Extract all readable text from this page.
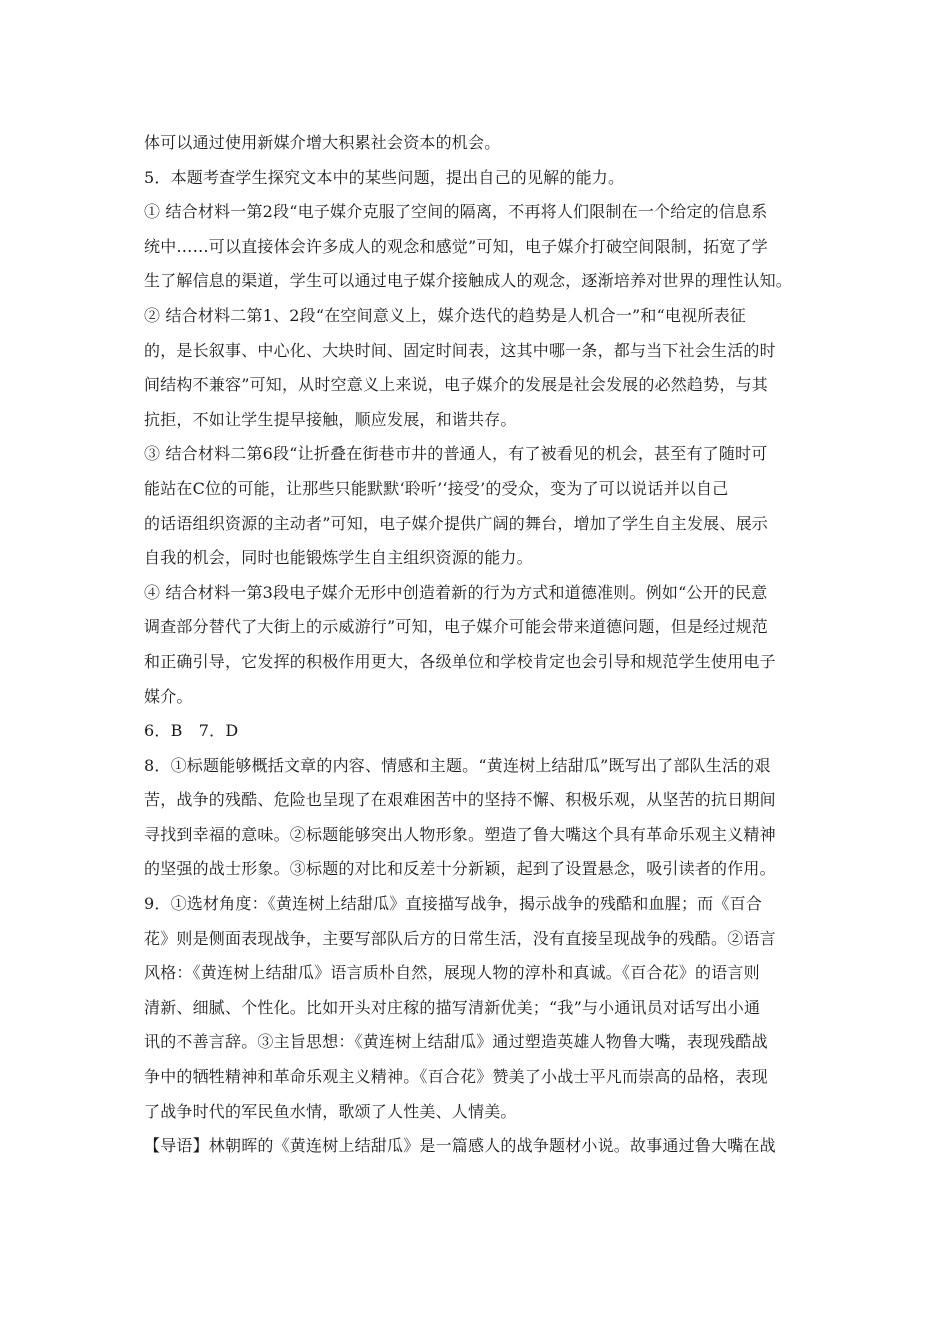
体可以通过使用新媒介增大积累社会资本的机会。
5．本题考查学生探究文本中的某些问题，提出自己的见解的能力。
① 结合材料一第2段“电子媒介克服了空间的隔离，不再将人们限制在一个给定的信息系
统中……可以直接体会许多成人的观念和感觉”可知，电子媒介打破空间限制，拓宽了学
生了解信息的渠道，学生可以通过电子媒介接触成人的观念，逐渐培养对世界的理性认知。
② 结合材料二第1、2段“在空间意义上，媒介迭代的趋势是人机合一”和“电视所表征
的，是长叙事、中心化、大块时间、固定时间表，这其中哪一条，都与当下社会生活的时
间结构不兼容”可知，从时空意义上来说，电子媒介的发展是社会发展的必然趋势，与其
抗拒，不如让学生提早接触，顺应发展，和谐共存。
③ 结合材料二第6段“让折叠在街巷市井的普通人，有了被看见的机会，甚至有了随时可
能站在C位的可能，让那些只能默默‘聆听’‘接受’的受众，变为了可以说话并以自己
的话语组织资源的主动者”可知，电子媒介提供广阔的舞台，增加了学生自主发展、展示
自我的机会，同时也能锻炼学生自主组织资源的能力。
④ 结合材料一第3段电子媒介无形中创造着新的行为方式和道德准则。例如“公开的民意
调查部分替代了大街上的示威游行”可知，电子媒介可能会带来道德问题，但是经过规范
和正确引导，它发挥的积极作用更大，各级单位和学校肯定也会引导和规范学生使用电子
媒介。
6．B　7．D
8．①标题能够概括文章的内容、情感和主题。“黄连树上结甜瓜”既写出了部队生活的艰
苦，战争的残酷、危险也呈现了在艰难困苦中的坚持不懈、积极乐观，从坚苦的抗日期间
寻找到幸福的意味。②标题能够突出人物形象。塑造了鲁大嘴这个具有革命乐观主义精神
的坚强的战士形象。③标题的对比和反差十分新颖，起到了设置悬念，吸引读者的作用。
9．①选材角度：《黄连树上结甜瓜》直接描写战争，揭示战争的残酷和血腥；而《百合
花》则是侧面表现战争，主要写部队后方的日常生活，没有直接呈现战争的残酷。②语言
风格：《黄连树上结甜瓜》语言质朴自然，展现人物的淳朴和真诚。《百合花》的语言则
清新、细腻、个性化。比如开头对庄稼的描写清新优美；“我”与小通讯员对话写出小通
讯的不善言辞。③主旨思想：《黄连树上结甜瓜》通过塑造英雄人物鲁大嘴，表现残酷战
争中的牺牲精神和革命乐观主义精神。《百合花》赞美了小战士平凡而崇高的品格，表现
了战争时代的军民鱼水情，歌颂了人性美、人情美。
【导语】林朝晖的《黄连树上结甜瓜》是一篇感人的战争题材小说。故事通过鲁大嘴在战
